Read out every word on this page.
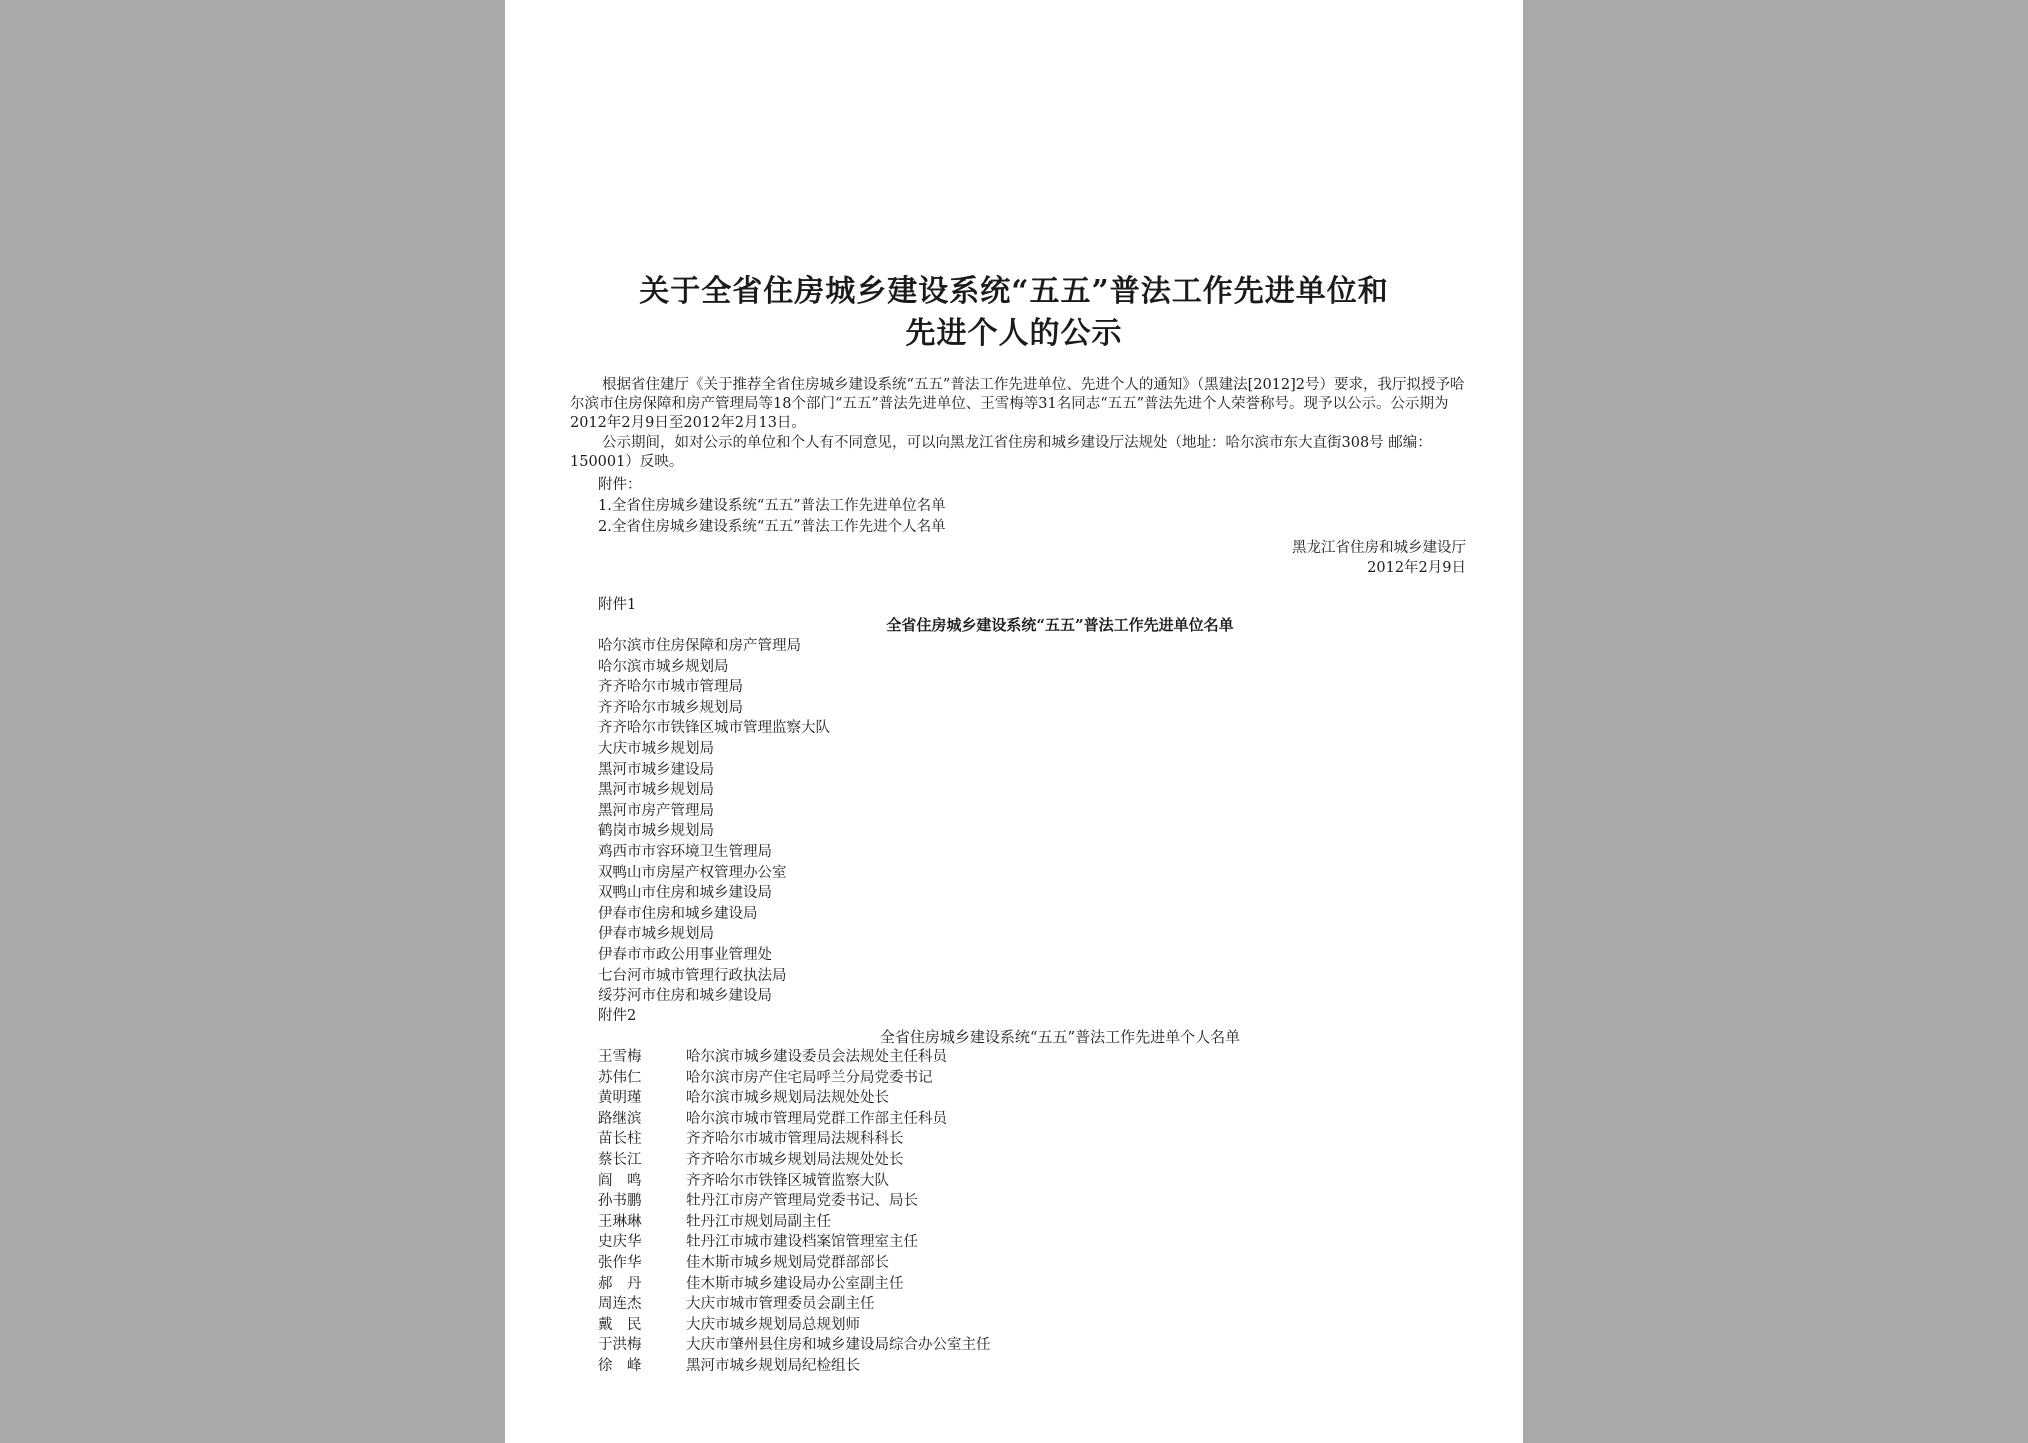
关于全省住房城乡建设系统“五五”普法工作先进单位和
先进个人的公示
根据省住建厅《关于推荐全省住房城乡建设系统“五五”普法工作先进单位、先进个人的通知》（黑建法[2012]2号）要求，我厅拟授予哈尔滨市住房保障和房产管理局等18个部门“五五”普法先进单位、王雪梅等31名同志“五五”普法先进个人荣誉称号。现予以公示。公示期为2012年2月9日至2012年2月13日。
公示期间，如对公示的单位和个人有不同意见，可以向黑龙江省住房和城乡建设厅法规处（地址：哈尔滨市东大直街308号 邮编：150001）反映。
附件：
1.全省住房城乡建设系统“五五”普法工作先进单位名单
2.全省住房城乡建设系统“五五”普法工作先进个人名单
黑龙江省住房和城乡建设厅
2012年2月9日
附件1
全省住房城乡建设系统“五五”普法工作先进单位名单
哈尔滨市住房保障和房产管理局
哈尔滨市城乡规划局
齐齐哈尔市城市管理局
齐齐哈尔市城乡规划局
齐齐哈尔市铁锋区城市管理监察大队
大庆市城乡规划局
黑河市城乡建设局
黑河市城乡规划局
黑河市房产管理局
鹤岗市城乡规划局
鸡西市市容环境卫生管理局
双鸭山市房屋产权管理办公室
双鸭山市住房和城乡建设局
伊春市住房和城乡建设局
伊春市城乡规划局
伊春市市政公用事业管理处
七台河市城市管理行政执法局
绥芬河市住房和城乡建设局
附件2
全省住房城乡建设系统“五五”普法工作先进单个人名单
王雪梅	哈尔滨市城乡建设委员会法规处主任科员
苏伟仁	哈尔滨市房产住宅局呼兰分局党委书记
黄明瑾	哈尔滨市城乡规划局法规处处长
路继滨	哈尔滨市城市管理局党群工作部主任科员
苗长柱	齐齐哈尔市城市管理局法规科科长
蔡长江	齐齐哈尔市城乡规划局法规处处长
阎　鸣	齐齐哈尔市铁锋区城管监察大队
孙书鹏	牡丹江市房产管理局党委书记、局长
王琳琳	牡丹江市规划局副主任
史庆华	牡丹江市城市建设档案馆管理室主任
张作华	佳木斯市城乡规划局党群部部长
郝　丹	佳木斯市城乡建设局办公室副主任
周连杰	大庆市城市管理委员会副主任
戴　民	大庆市城乡规划局总规划师
于洪梅	大庆市肇州县住房和城乡建设局综合办公室主任
徐　峰	黑河市城乡规划局纪检组长
